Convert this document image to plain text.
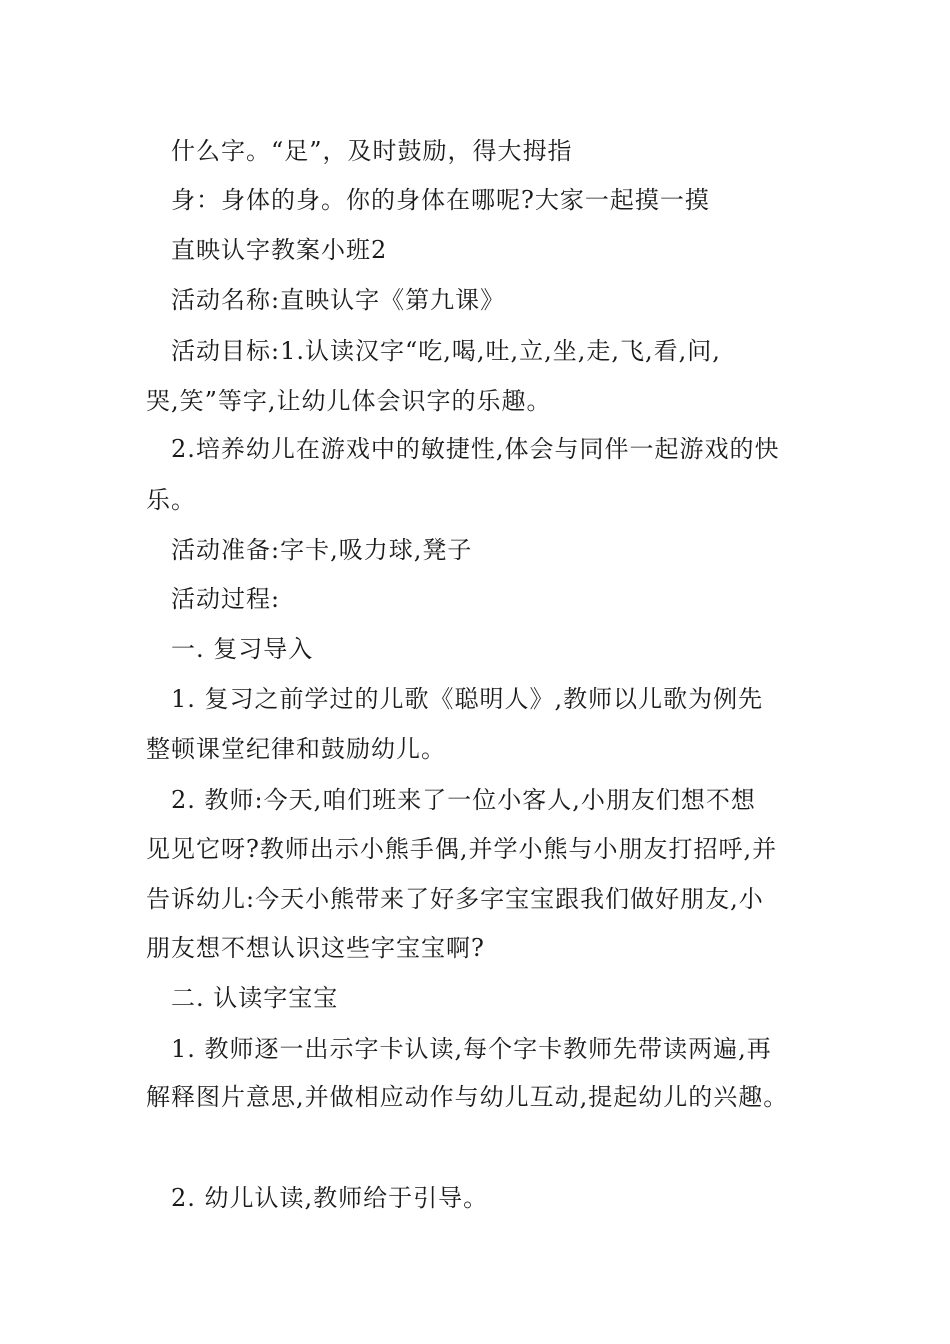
什么字。“足”，及时鼓励，得大拇指
身：身体的身。你的身体在哪呢?大家一起摸一摸
直映认字教案小班2
活动名称:直映认字《第九课》
活动目标:1.认读汉字“吃,喝,吐,立,坐,走,飞,看,问,
哭,笑”等字,让幼儿体会识字的乐趣。
2.培养幼儿在游戏中的敏捷性,体会与同伴一起游戏的快
乐。
活动准备:字卡,吸力球,凳子
活动过程:
一. 复习导入
1. 复习之前学过的儿歌《聪明人》,教师以儿歌为例先
整顿课堂纪律和鼓励幼儿。
2. 教师:今天,咱们班来了一位小客人,小朋友们想不想
见见它呀?教师出示小熊手偶,并学小熊与小朋友打招呼,并
告诉幼儿:今天小熊带来了好多字宝宝跟我们做好朋友,小
朋友想不想认识这些字宝宝啊?
二. 认读字宝宝
1. 教师逐一出示字卡认读,每个字卡教师先带读两遍,再
解释图片意思,并做相应动作与幼儿互动,提起幼儿的兴趣。
2. 幼儿认读,教师给于引导。
